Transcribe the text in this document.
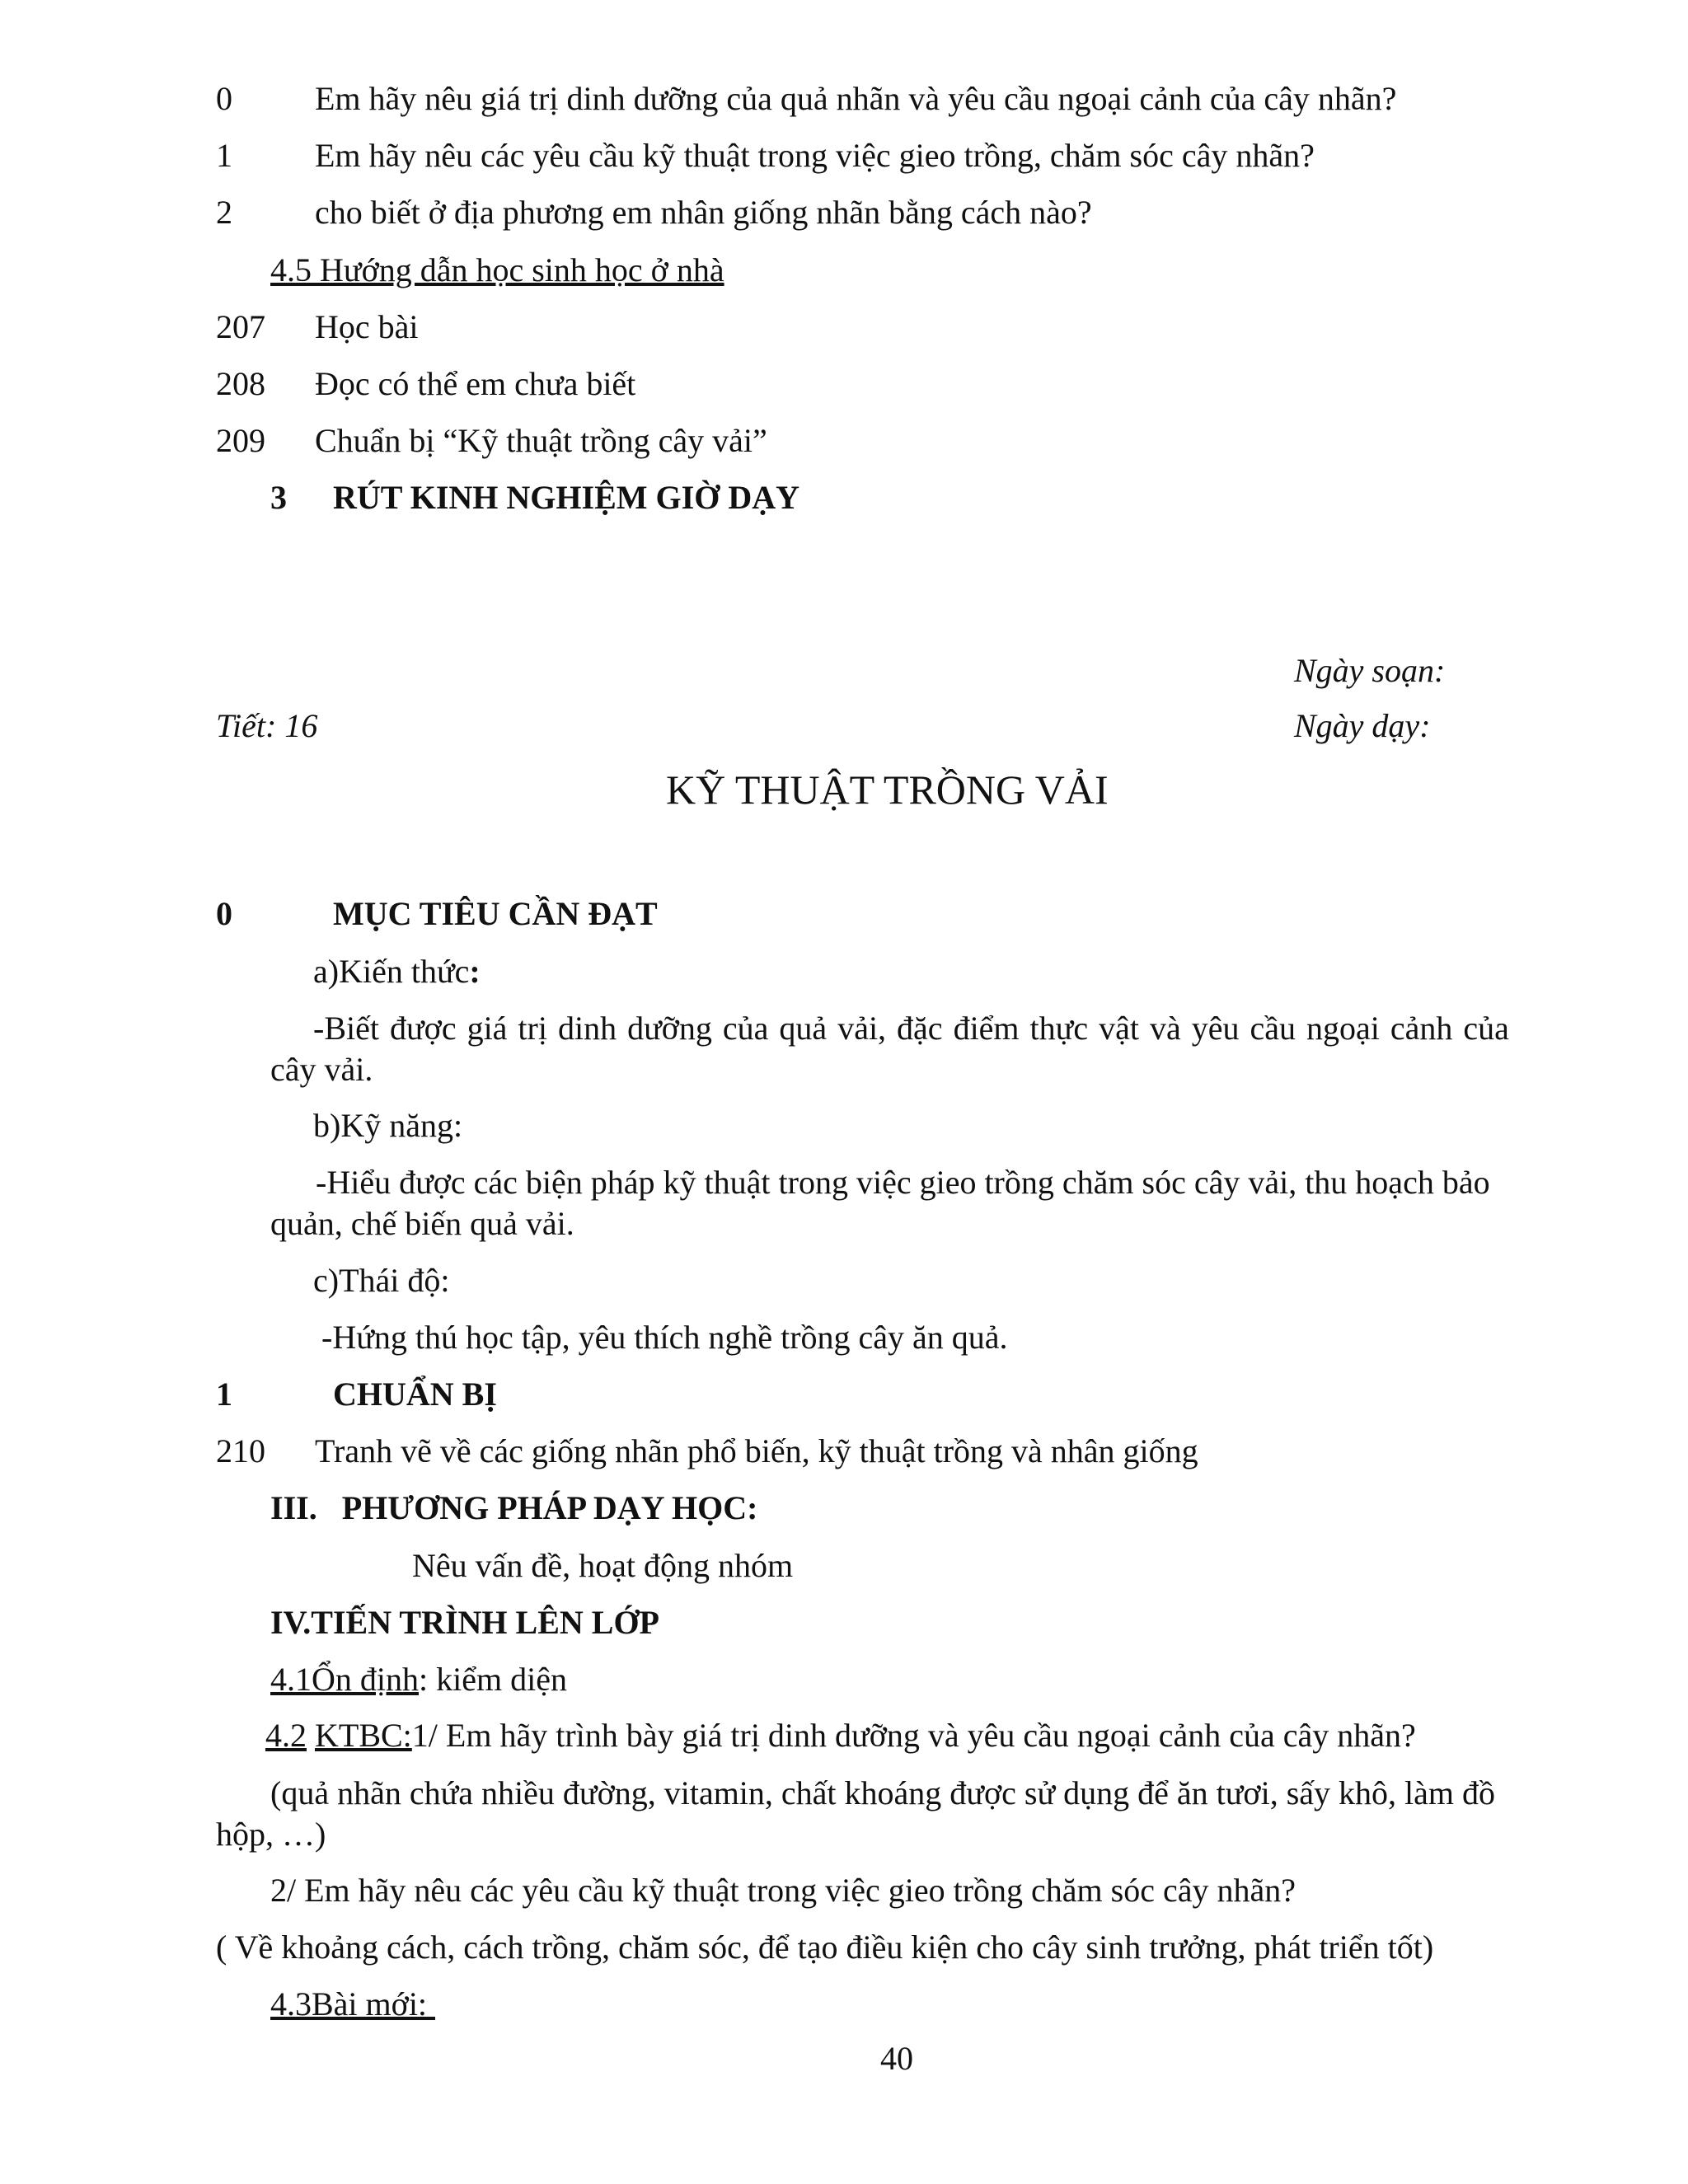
0	Em hãy nêu giá trị dinh dưỡng của quả nhãn và yêu cầu ngoại cảnh của cây nhãn?
1	Em hãy nêu các yêu cầu kỹ thuật trong việc gieo trồng, chăm sóc cây nhãn?
2	cho biết ở địa phương em nhân giống nhãn bằng cách nào?
4.5 Hướng dẫn học sinh học ở nhà
207	Học bài
208	Đọc có thể em chưa biết
209	Chuẩn bị “Kỹ thuật trồng cây vải”
3 RÚT KINH NGHIỆM GIỜ DẠY
Ngày soạn:
Tiết: 16	Ngày dạy:
KỸ THUẬT TRỒNG VẢI
0	MỤC TIÊU CẦN ĐẠT
a)Kiến thức:
-Biết được giá trị dinh dưỡng của quả vải, đặc điểm thực vật và yêu cầu ngoại cảnh của
cây vải.
b)Kỹ năng:
-Hiểu được các biện pháp kỹ thuật trong việc gieo trồng chăm sóc cây vải, thu hoạch bảo
quản, chế biến quả vải.
c)Thái độ:
-Hứng thú học tập, yêu thích nghề trồng cây ăn quả.
1	CHUẨN BỊ
210	Tranh vẽ về các giống nhãn phổ biến, kỹ thuật trồng và nhân giống
III.   PHƯƠNG PHÁP DẠY HỌC:
Nêu vấn đề, hoạt động nhóm
IV.TIẾN TRÌNH LÊN LỚP
4.1Ổn định: kiểm diện
4.2 KTBC:1/ Em hãy trình bày giá trị dinh dưỡng và yêu cầu ngoại cảnh của cây nhãn?
(quả nhãn chứa nhiều đường, vitamin, chất khoáng được sử dụng để ăn tươi, sấy khô, làm đồ
hộp, …)
2/ Em hãy nêu các yêu cầu kỹ thuật trong việc gieo trồng chăm sóc cây nhãn?
( Về khoảng cách, cách trồng, chăm sóc, để tạo điều kiện cho cây sinh trưởng, phát triển tốt)
4.3Bài mới:
40
